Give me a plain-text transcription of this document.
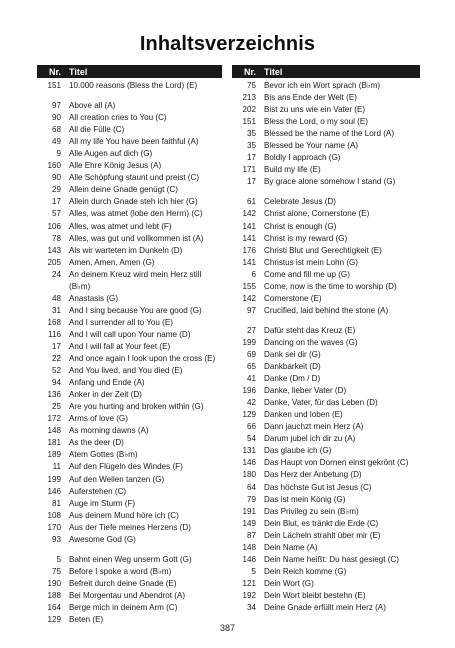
Inhaltsverzeichnis
Nr. Titel
151 10.000 reasons (Bless the Lord) (E)
97 Above all (A)
90 All creation cries to You (C)
68 All die Fülle (C)
49 All my life You have been faithful (A)
9 Alle Augen auf dich (G)
160 Alle Ehre König Jesus (A)
90 Alle Schöpfung staunt und preist (C)
29 Allein deine Gnade genügt (C)
17 Allein durch Gnade steh ich hier (G)
57 Alles, was atmet (lobe den Herrn) (C)
106 Alles, was atmet und lebt (F)
78 Alles, was gut und vollkommen ist (A)
143 Als wir warteten im Dunkeln (D)
205 Amen, Amen, Amen (G)
24 An deinem Kreuz wird mein Herz still (B♭m)
48 Anastasis (G)
31 And I sing because You are good (G)
168 And I surrender all to You (E)
116 And I will call upon Your name (D)
17 And I will fall at Your feet (E)
22 And once again I look upon the cross (E)
52 And You lived, and You died (E)
94 Anfang und Ende (A)
136 Anker in der Zeit (D)
25 Are you hurting and broken within (G)
172 Arms of love (G)
148 As morning dawns (A)
181 As the deer (D)
189 Atem Gottes (B♭m)
11 Auf den Flügeln des Windes (F)
199 Auf den Wellen tanzen (G)
146 Auferstehen (C)
81 Auge im Sturm (F)
108 Aus deinem Mund höre ich (C)
170 Aus der Tiefe meines Herzens (D)
93 Awesome God (G)
5 Bahnt einen Weg unserm Gott (G)
75 Before I spoke a word (B♭m)
190 Befreit durch deine Gnade (E)
188 Bei Morgentau und Abendrot (A)
164 Berge mich in deinem Arm (C)
129 Beten (E)
Nr. Titel
75 Bevor ich ein Wort sprach (B♭m)
213 Bis ans Ende der Welt (E)
202 Bist zu uns wie ein Vater (E)
151 Bless the Lord, o my soul (E)
35 Blessed be the name of the Lord (A)
35 Blessed be Your name (A)
17 Boldly I approach (G)
171 Build my life (E)
17 By grace alone somehow I stand (G)
61 Celebrate Jesus (D)
142 Christ alone, Cornerstone (E)
141 Christ is enough (G)
141 Christ is my reward (G)
176 Christi Blut und Gerechtigkeit (E)
141 Christus ist mein Lohn (G)
6 Come and fill me up (G)
155 Come, now is the time to worship (D)
142 Cornerstone (E)
97 Crucified, laid behind the stone (A)
27 Dafür steht das Kreuz (E)
199 Dancing on the waves (G)
69 Dank sei dir (G)
65 Dankbarkeit (D)
41 Danke (Dm / D)
196 Danke, lieber Vater (D)
42 Danke, Vater, für das Leben (D)
129 Danken und loben (E)
66 Dann jauchzt mein Herz (A)
54 Darum jubel ich dir zu (A)
131 Das glaube ich (G)
146 Das Haupt von Dornen einst gekrönt (C)
180 Das Herz der Anbetung (D)
64 Das höchste Gut ist Jesus (C)
79 Das ist mein König (G)
191 Das Privileg zu sein (B♭m)
149 Dein Blut, es tränkt die Erde (C)
87 Dein Lächeln strahlt über mir (E)
148 Dein Name (A)
146 Dein Name heißt: Du hast gesiegt (C)
5 Dein Reich komme (G)
121 Dein Wort (G)
192 Dein Wort bleibt bestehn (E)
34 Deine Gnade erfüllt mein Herz (A)
387
